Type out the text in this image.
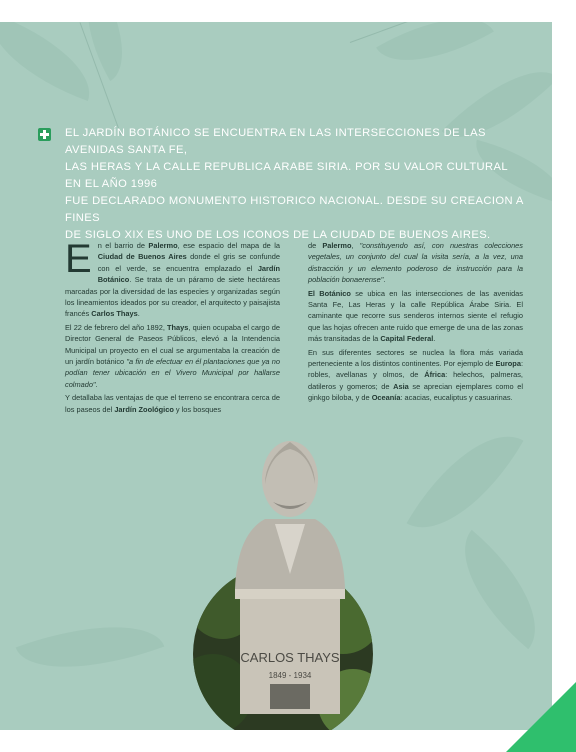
EL JARDÍN BOTÁNICO SE ENCUENTRA EN LAS INTERSECCIONES DE LAS AVENIDAS SANTA FE,
LAS HERAS Y LA CALLE REPUBLICA ARABE SIRIA. POR SU VALOR CULTURAL EN EL AÑO 1996
FUE DECLARADO MONUMENTO HISTORICO NACIONAL. DESDE SU CREACION A FINES
DE SIGLO XIX ES UNO DE LOS ICONOS DE LA CIUDAD DE BUENOS AIRES.

En el barrio de Palermo, ese espacio del mapa de la Ciudad de Buenos Aires donde el gris se confunde con el verde, se encuentra emplazado el Jardín Botánico. Se trata de un páramo de siete hectáreas marcadas por la diversidad de las especies y organizadas según los lineamientos ideados por su creador, el arquitecto y paisajista francés Carlos Thays.

El 22 de febrero del año 1892, Thays, quien ocupaba el cargo de Director General de Paseos Públicos, elevó a la Intendencia Municipal un proyecto en el cual se argumentaba la creación de un jardín botánico "a fin de efectuar en él plantaciones que ya no podían tener ubicación en el Vivero Municipal por hallarse colmado".

Y detallaba las ventajas de que el terreno se encontrara cerca de los paseos del Jardín Zoológico y los bosques

de Palermo, "constituyendo así, con nuestras colecciones vegetales, un conjunto del cual la visita sería, a la vez, una distracción y un elemento poderoso de instrucción para la población bonaerense".

El Botánico se ubica en las intersecciones de las avenidas Santa Fe, Las Heras y la calle República Árabe Siria. El caminante que recorre sus senderos internos siente el refugio que las hojas ofrecen ante ruido que emerge de una de las zonas más transitadas de la Capital Federal.

En sus diferentes sectores se nuclea la flora más variada perteneciente a los distintos continentes. Por ejemplo de Europa: robles, avellanas y olmos, de África: helechos, palmeras, datileros y gomeros; de Asia se aprecian ejemplares como el ginkgo biloba, y de Oceanía: acacias, eucaliptus y casuarinas.

CARLOS THAYS
1849 - 1934
